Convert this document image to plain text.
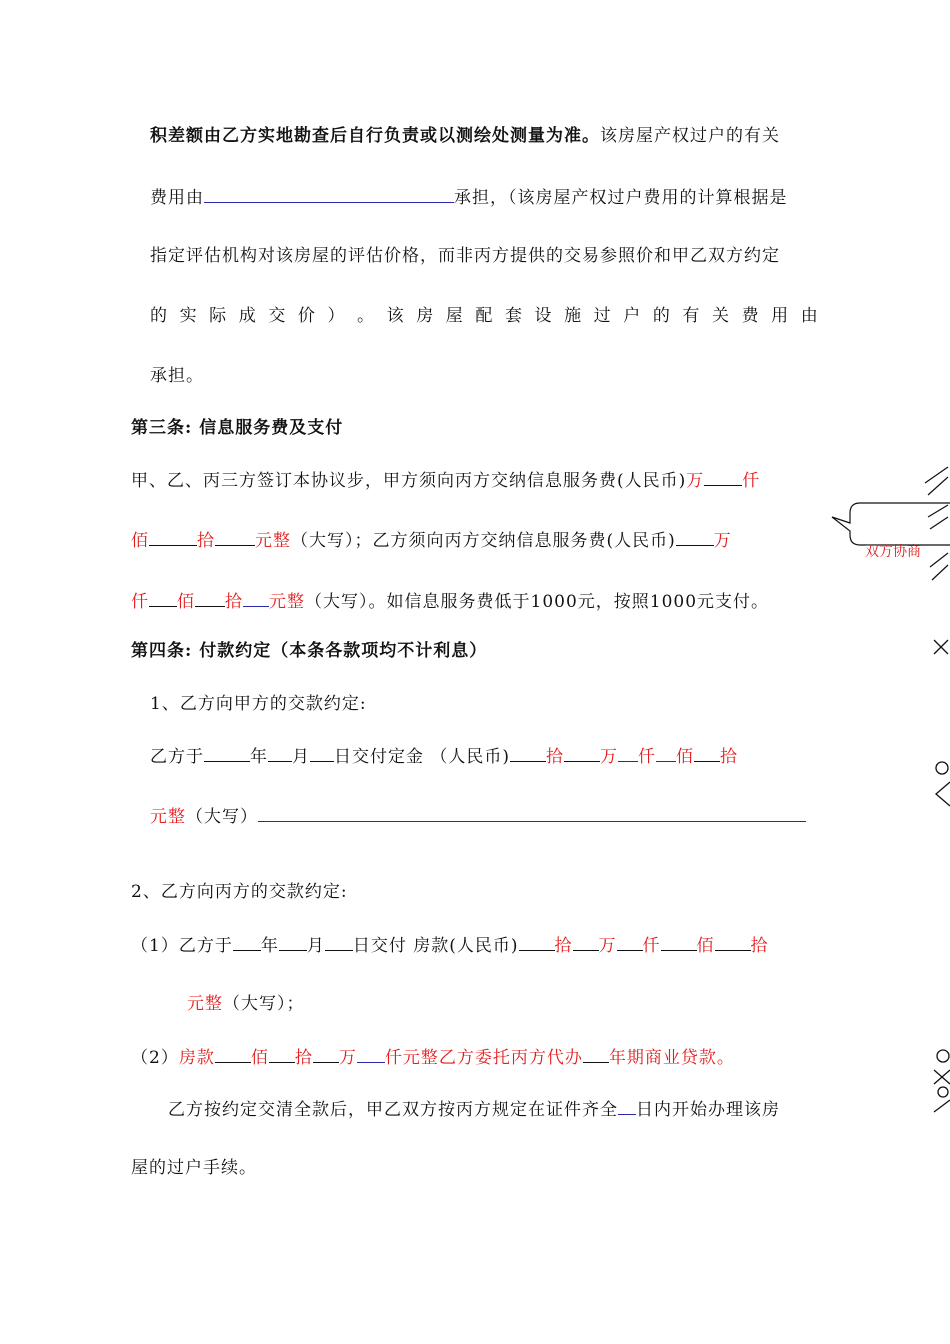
积差额由乙方实地勘查后自行负责或以测绘处测量为准。该房屋产权过户的有关
费用由	承担，（该房屋产权过户费用的计算根据是
指定评估机构对该房屋的评估价格，而非丙方提供的交易参照价和甲乙双方约定
的 实 际 成 交 价 ） 。 该 房 屋 配 套 设 施 过 户 的 有 关 费 用 由
承担。
第三条: 信息服务费及支付
甲、乙、丙三方签订本协议步，甲方须向丙方交纳信息服务费(人民币)万 仟
佰	拾 元整（大写）；乙方须向丙方交纳信息服务费(人民币) 万
仟 佰 拾 元整（大写）。如信息服务费低于1000元，按照1000元支付。
第四条: 付款约定（本条各款项均不计利息）
1、乙方向甲方的交款约定:
乙方于	年 月 日交付定金 （人民币) 拾 万 仟 佰 拾
元整（大写）
2、乙方向丙方的交款约定:
（1）乙方于 年 月 日交付 房款(人民币) 拾 万 仟 佰 拾
元整（大写）；
（2）房款 佰 拾 万 仟元整乙方委托丙方代办 年期商业贷款。
乙方按约定交清全款后，甲乙双方按丙方规定在证件齐全 日内开始办理该房
屋的过户手续。
双方协商
